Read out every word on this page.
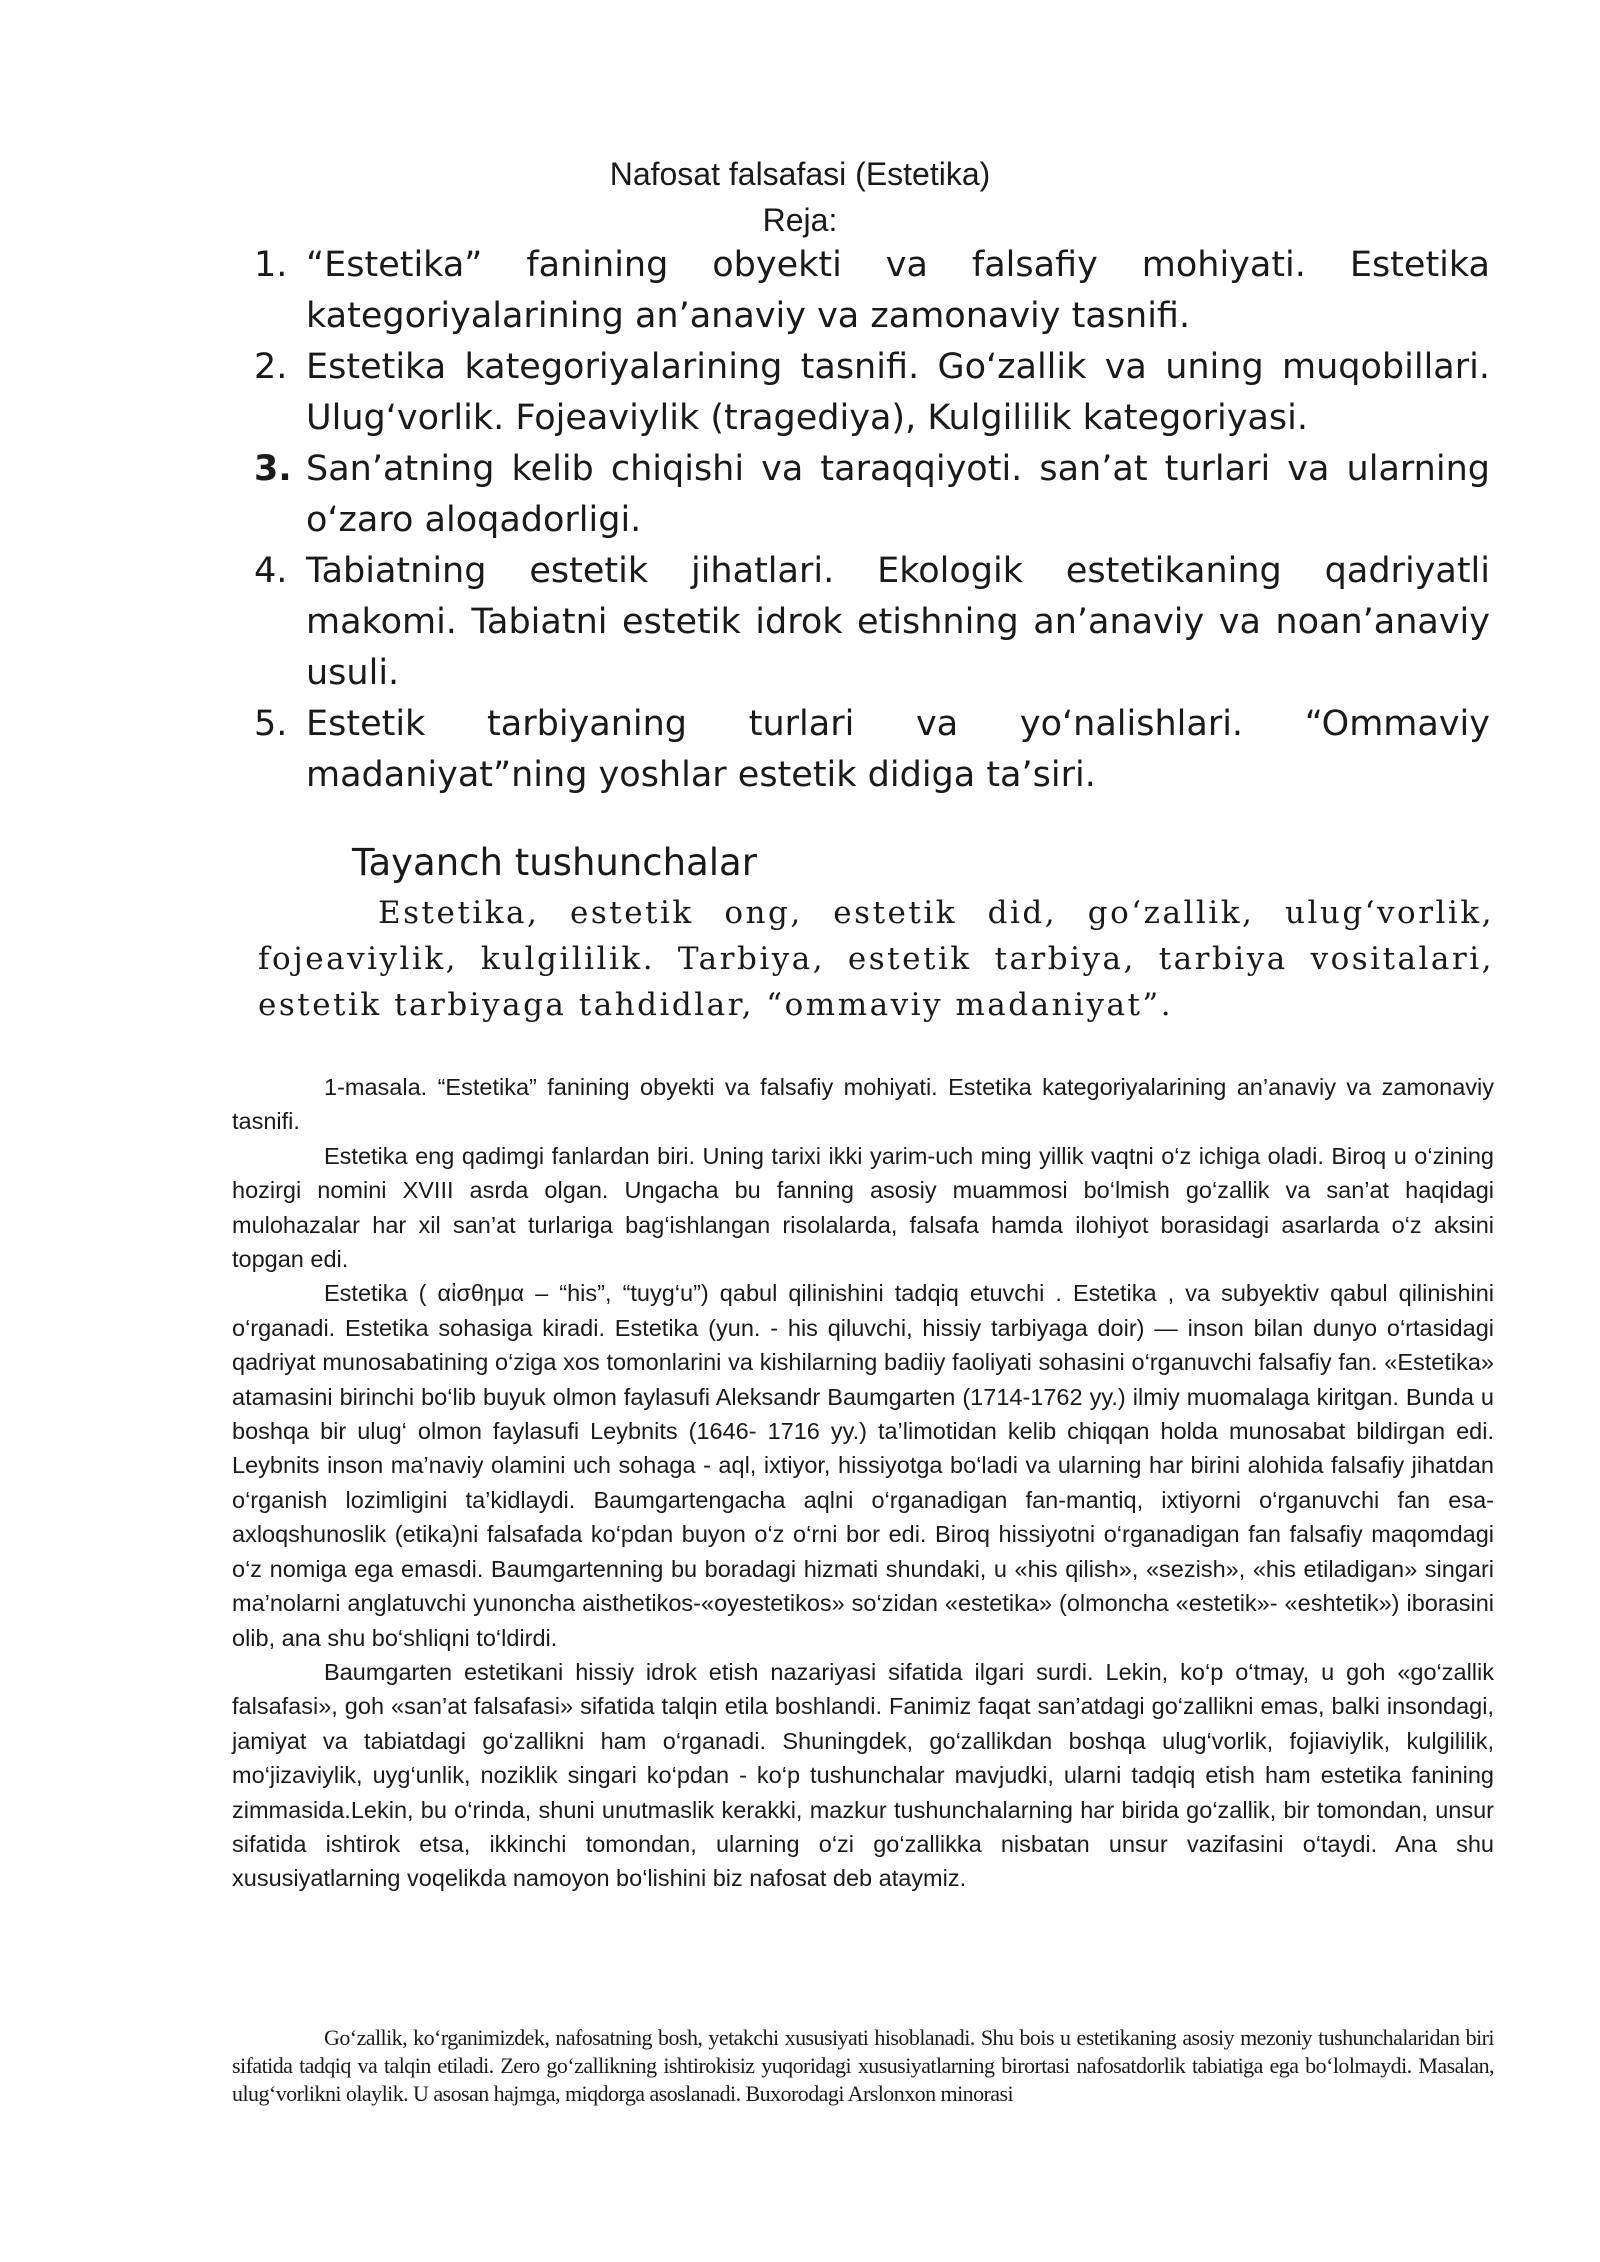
Nafosat falsafasi (Estetika)
Reja:
1. “Estetika” fanining obyekti va falsafiy mohiyati. Estetika kategoriyalarining an’anaviy va zamonaviy tasnifi.
2. Estetika kategoriyalarining tasnifi. Go‘zallik va uning muqobillari. Ulug‘vorlik. Fojeaviylik (tragediya), Kulgililik kategoriyasi.
3. San’atning kelib chiqishi va taraqqiyoti. san’at turlari va ularning o‘zaro aloqadorligi.
4. Tabiatning estetik jihatlari. Ekologik estetikaning qadriyatli makomi. Tabiatni estetik idrok etishning an’anaviy va noan’anaviy usuli.
5. Estetik tarbiyaning turlari va yo‘nalishlari. “Ommaviy madaniyat”ning yoshlar estetik didiga ta’siri.
Tayanch tushunchalar
Estetika, estetik ong, estetik did, go‘zallik, ulug‘vorlik, fojeaviylik, kulgililik. Tarbiya, estetik tarbiya, tarbiya vositalari, estetik tarbiyaga tahdidlar, “ommaviy madaniyat”.

1-masala. “Estetika” fanining obyekti va falsafiy mohiyati. Estetika kategoriyalarining an’anaviy va zamonaviy tasnifi.

Estetika eng qadimgi fanlardan biri. Uning tarixi ikki yarim-uch ming yillik vaqtni o‘z ichiga oladi. Biroq u o‘zining hozirgi nomini XVIII asrda olgan. Ungacha bu fanning asosiy muammosi bo‘lmish go‘zallik va san’at haqidagi mulohazalar har xil san’at turlariga bag‘ishlangan risolalarda, falsafa hamda ilohiyot borasidagi asarlarda o‘z aksini topgan edi.

Estetika ( αἰσθημα – “his”, “tuyg‘u”) qabul qilinishini tadqiq etuvchi . Estetika , va subyektiv qabul qilinishini o‘rganadi. Estetika sohasiga kiradi. Estetika (yun. - his qiluvchi, hissiy tarbiyaga doir) — inson bilan dunyo o‘rtasidagi qadriyat munosabatining o‘ziga xos tomonlarini va kishilarning badiiy faoliyati sohasini o‘rganuvchi falsafiy fan. «Estetika» atamasini birinchi bo‘lib buyuk olmon faylasufi Aleksandr Baumgarten (1714-1762 yy.) ilmiy muomalaga kiritgan. Bunda u boshqa bir ulug‘ olmon faylasufi Leybnits (1646- 1716 yy.) ta’limotidan kelib chiqqan holda munosabat bildirgan edi. Leybnits inson ma’naviy olamini uch sohaga - aql, ixtiyor, hissiyotga bo‘ladi va ularning har birini alohida falsafiy jihatdan o‘rganish lozimligini ta’kidlaydi. Baumgartengacha aqlni o‘rganadigan fan-mantiq, ixtiyorni o‘rganuvchi fan esa-axloqshunoslik (etika)ni falsafada ko‘pdan buyon o‘z o‘rni bor edi. Biroq hissiyotni o‘rganadigan fan falsafiy maqomdagi o‘z nomiga ega emasdi. Baumgartenning bu boradagi hizmati shundaki, u «his qilish», «sezish», «his etiladigan» singari ma’nolarni anglatuvchi yunoncha aisthetikos-«oyestetikos» so‘zidan «estetika» (olmoncha «estetik»- «eshtetik») iborasini olib, ana shu bo‘shliqni to‘ldirdi.

Baumgarten estetikani hissiy idrok etish nazariyasi sifatida ilgari surdi. Lekin, ko‘p o‘tmay, u goh «go‘zallik falsafasi», goh «san’at falsafasi» sifatida talqin etila boshlandi. Fanimiz faqat san’atdagi go‘zallikni emas, balki insondagi, jamiyat va tabiatdagi go‘zallikni ham o‘rganadi. Shuningdek, go‘zallikdan boshqa ulug‘vorlik, fojiaviylik, kulgililik, mo‘jizaviylik, uyg‘unlik, noziklik singari ko‘pdan - ko‘p tushunchalar mavjudki, ularni tadqiq etish ham estetika fanining zimmasida.Lekin, bu o‘rinda, shuni unutmaslik kerakki, mazkur tushunchalarning har birida go‘zallik, bir tomondan, unsur sifatida ishtirok etsa, ikkinchi tomondan, ularning o‘zi go‘zallikka nisbatan unsur vazifasini o‘taydi. Ana shu xususiyatlarning voqelikda namoyon bo‘lishini biz nafosat deb ataymiz.

Go‘zallik, ko‘rganimizdek, nafosatning bosh, yetakchi xususiyati hisoblanadi. Shu bois u estetikaning asosiy mezoniy tushunchalaridan biri sifatida tadqiq va talqin etiladi. Zero go‘zallikning ishtirokisiz yuqoridagi xususiyatlarning birortasi nafosatdorlik tabiatiga ega bo‘lolmaydi. Masalan, ulug‘vorlikni olaylik. U asosan hajmga, miqdorga asoslanadi. Buxorodagi Arslonxon minorasi
